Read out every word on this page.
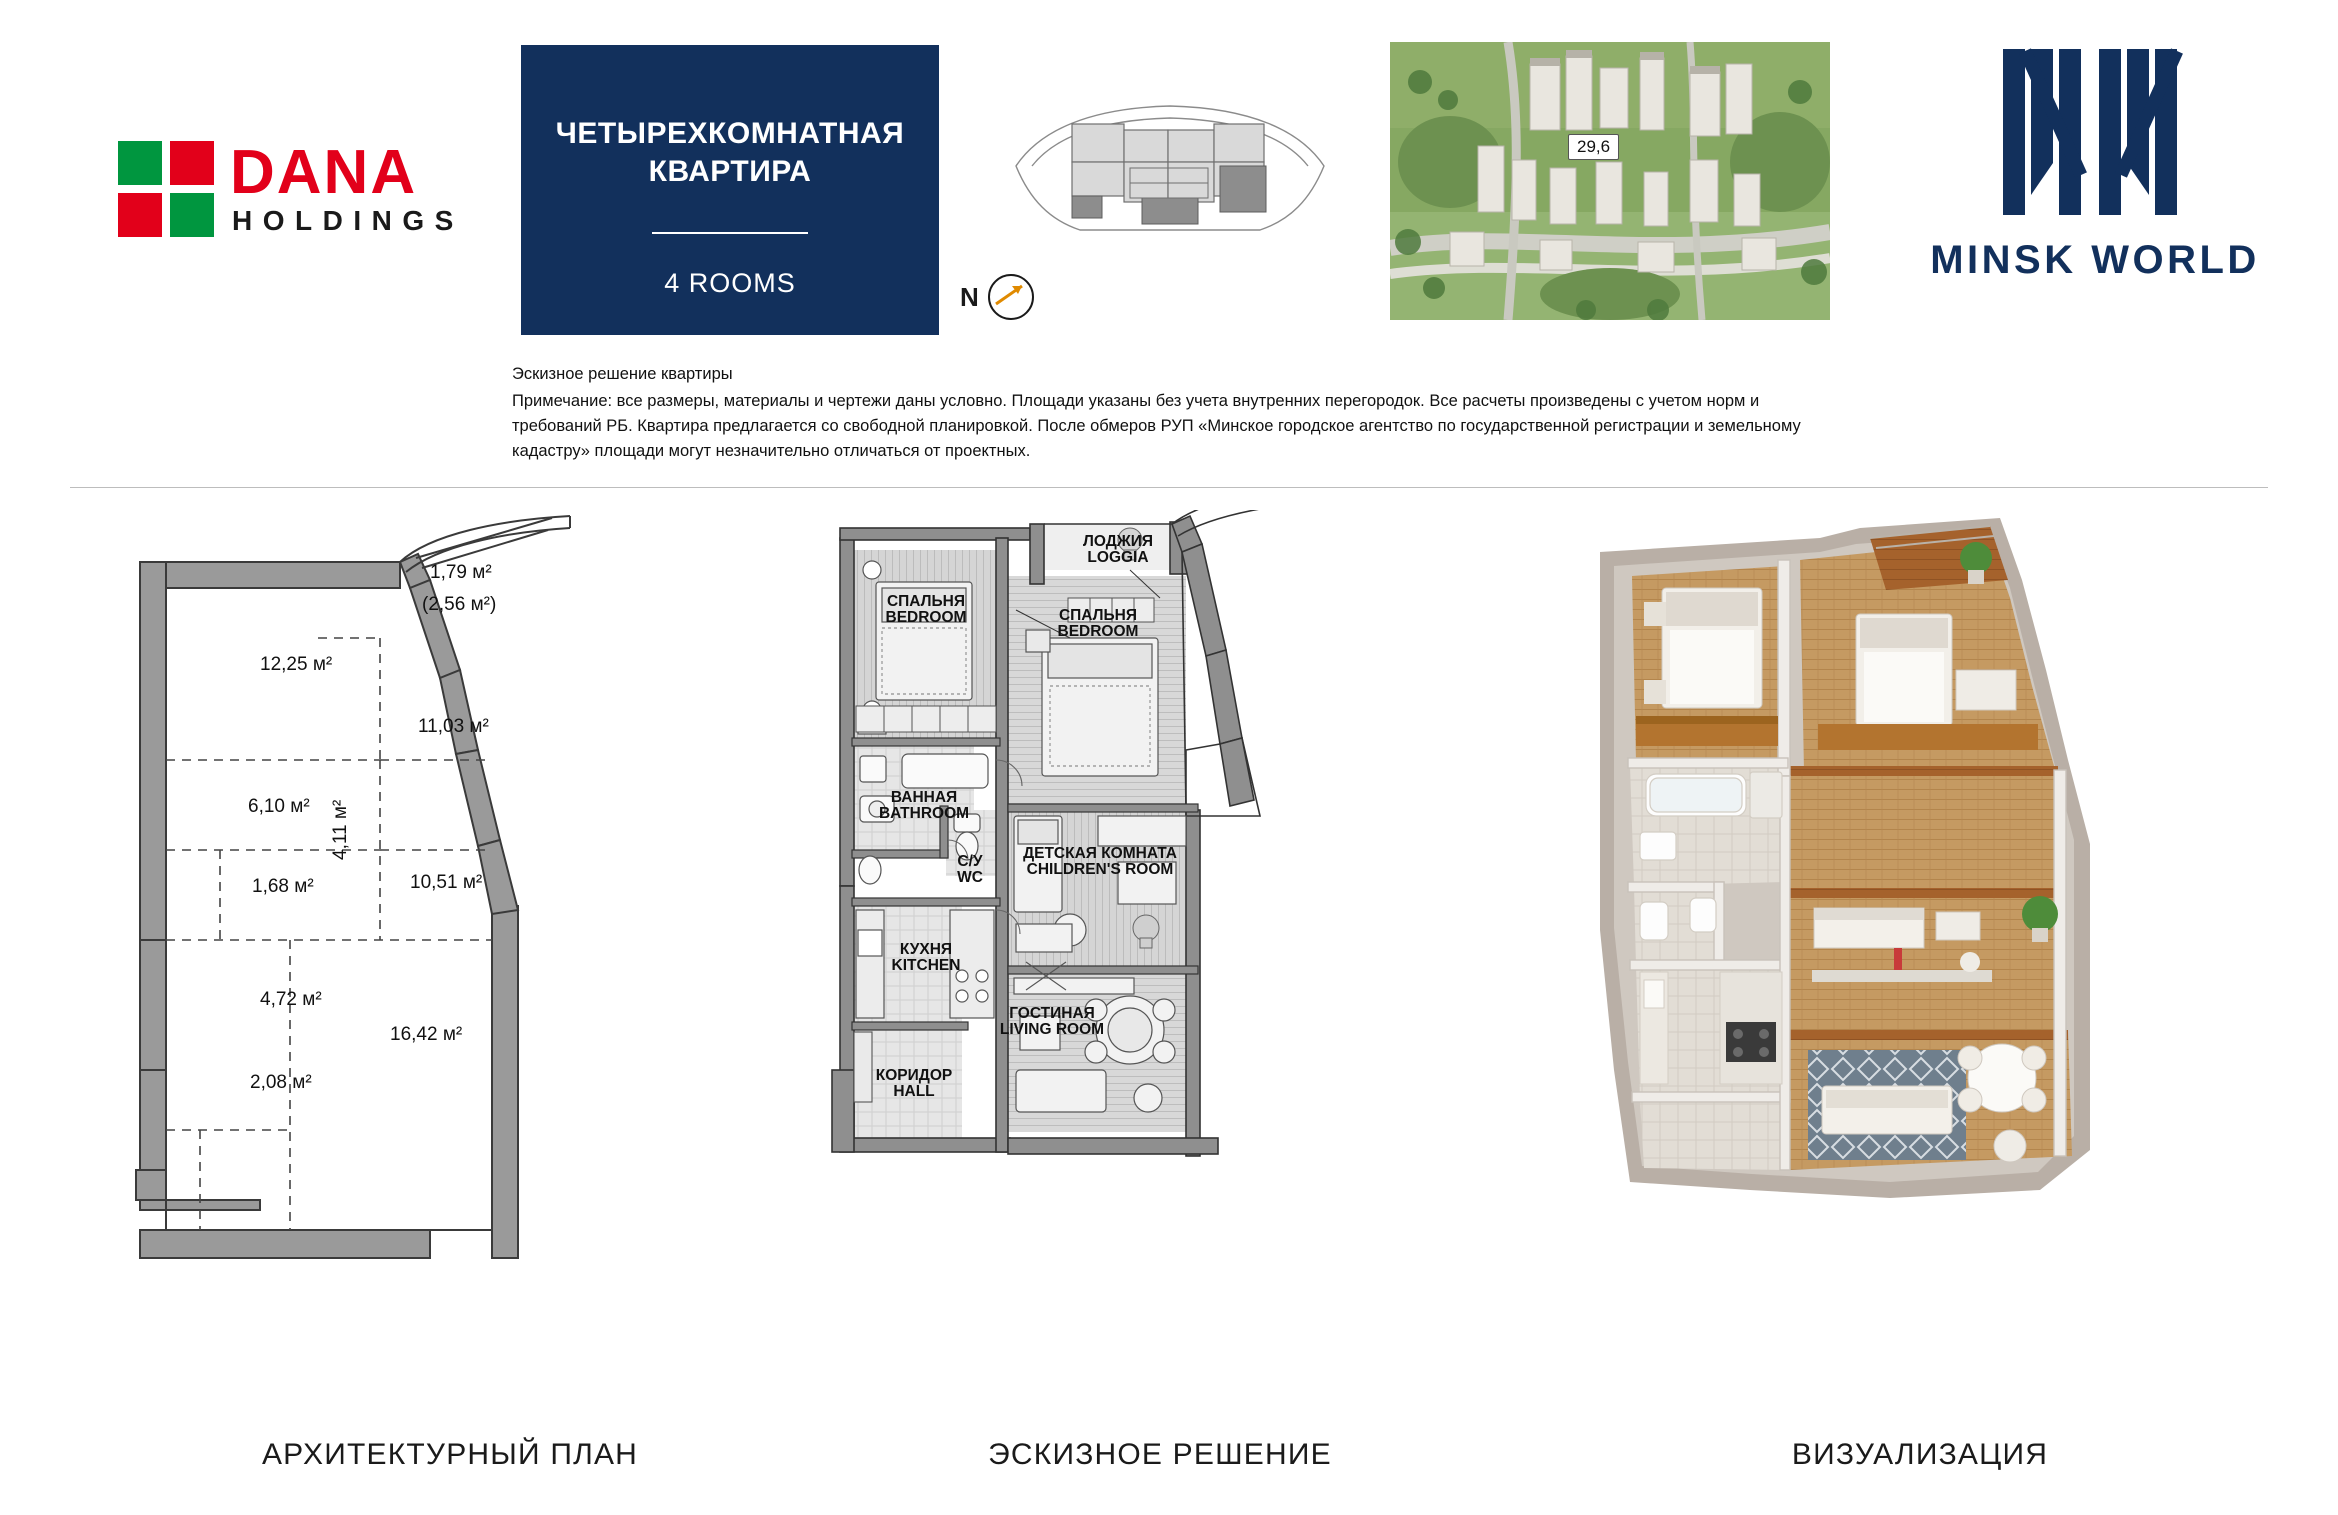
DANA
HOLDINGS
ЧЕТЫРЕХКОМНАТНАЯ
КВАРТИРА
4 ROOMS	N
29,6
MINSK WORLD
Эскизное решение квартиры
Примечание: все размеры, материалы и чертежи даны условно. Площади указаны без учета внутренних перегородок. Все расчеты произведены с учетом норм и требований РБ. Квартира предлагается со свободной планировкой. После обмеров РУП «Минское городское агентство по государственной регистрации и земельному кадастру» площади могут незначительно отличаться от проектных.
1,79 м²
(2,56 м²)
12,25 м²
11,03 м²
6,10 м² 4,11 м²
1,68 м²	10,51 м²
4,72 м²
16,42 м²
2,08 м²
АРХИТЕКТУРНЫЙ ПЛАН
ЛОДЖИЯ
LOGGIA
СПАЛЬНЯ
BEDROOM	СПАЛЬНЯ
BEDROOM
ВАННАЯ
BATHROOM
С/У
WC
ДЕТСКАЯ КОМНАТА
CHILDREN'S ROOM
КУХНЯ
KITCHEN
ГОСТИНАЯ
LIVING ROOM
КОРИДОР
HALL
ЭСКИЗНОЕ РЕШЕНИЕ	ВИЗУАЛИЗАЦИЯ
